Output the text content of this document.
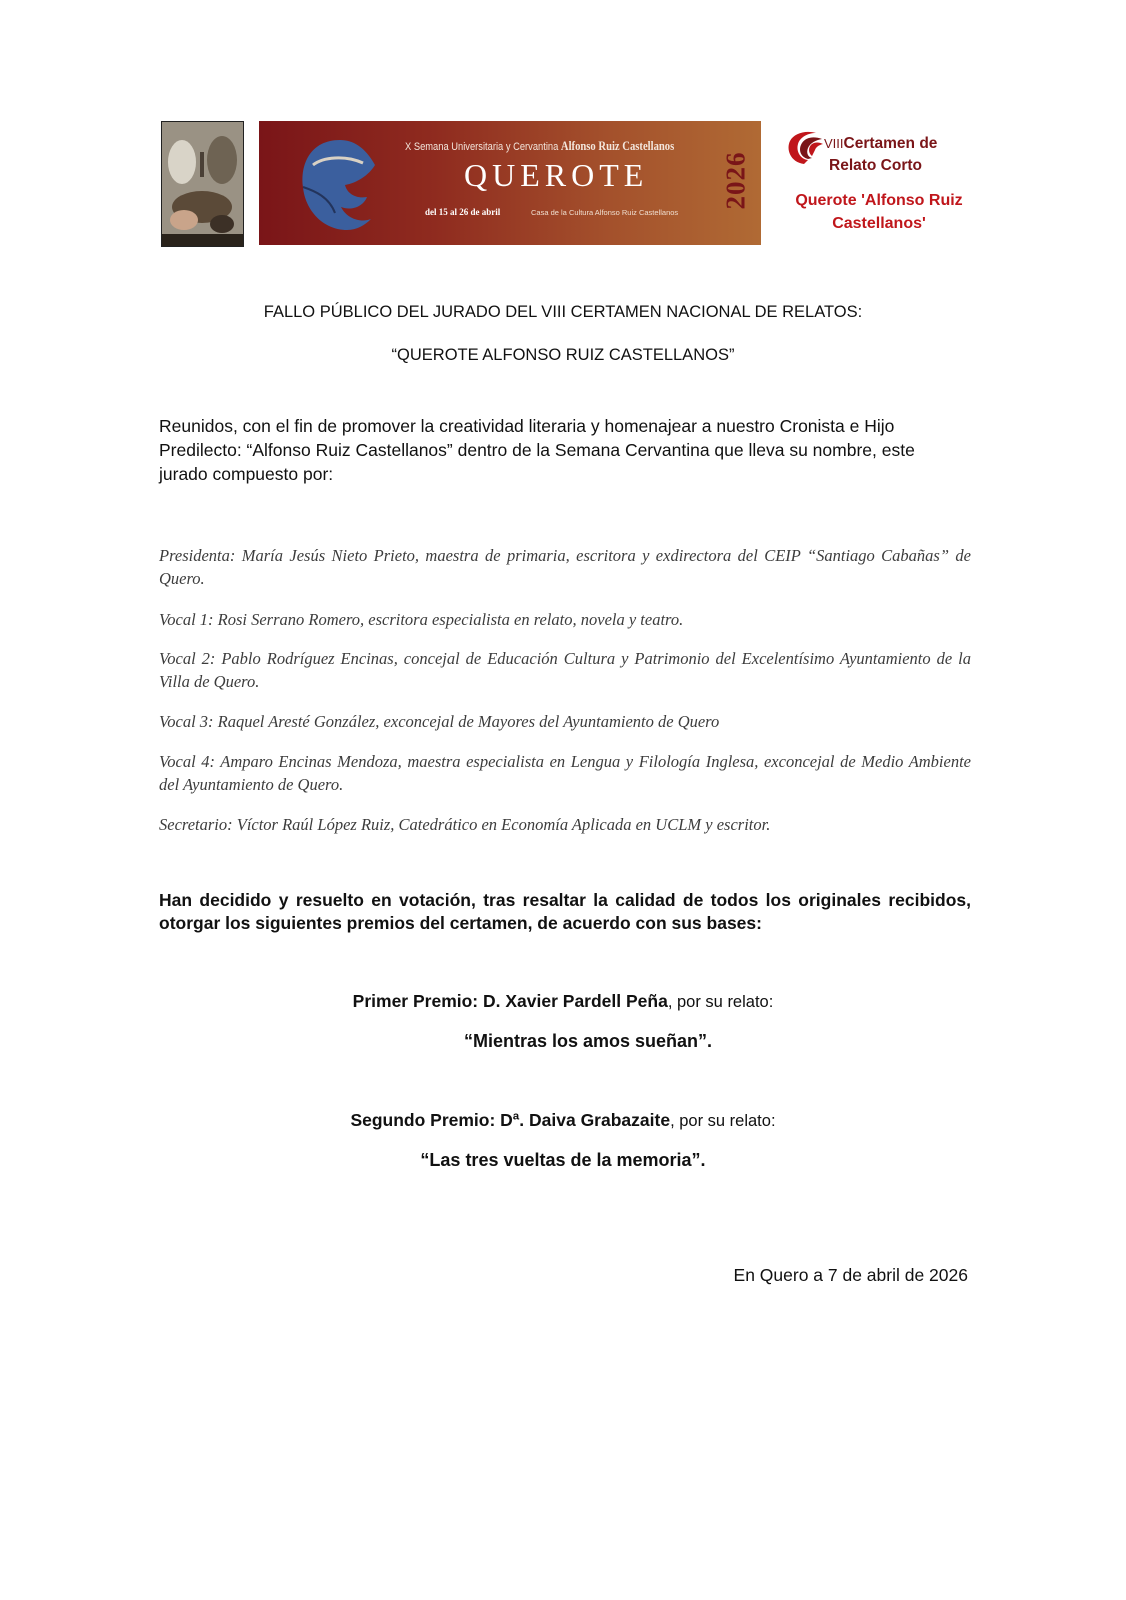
X Semana Universitaria y Cervantina Alfonso Ruiz Castellanos
QUEROTE
del 15 al 26 de abril	Casa de la Cultura Alfonso Ruiz Castellanos
2026
VIIICertamen de
Relato Corto
Querote 'Alfonso Ruiz Castellanos'
FALLO PÚBLICO DEL JURADO DEL VIII CERTAMEN NACIONAL DE RELATOS:
“QUEROTE ALFONSO RUIZ CASTELLANOS”
Reunidos, con el fin de promover la creatividad literaria y homenajear a nuestro Cronista e Hijo Predilecto: “Alfonso Ruiz Castellanos” dentro de la Semana Cervantina que lleva su nombre, este jurado compuesto por:
Presidenta: María Jesús Nieto Prieto, maestra de primaria, escritora y exdirectora del CEIP “Santiago Cabañas” de Quero.
Vocal 1: Rosi Serrano Romero, escritora especialista en relato, novela y teatro.
Vocal 2: Pablo Rodríguez Encinas, concejal de Educación Cultura y Patrimonio del Excelentísimo Ayuntamiento de la Villa de Quero.
Vocal 3: Raquel Aresté González, exconcejal de Mayores del Ayuntamiento de Quero
Vocal 4: Amparo Encinas Mendoza, maestra especialista en Lengua y Filología Inglesa, exconcejal de Medio Ambiente del Ayuntamiento de Quero.
Secretario: Víctor Raúl López Ruiz, Catedrático en Economía Aplicada en UCLM y escritor.
Han decidido y resuelto en votación, tras resaltar la calidad de todos los originales recibidos, otorgar los siguientes premios del certamen, de acuerdo con sus bases:
Primer Premio: D. Xavier Pardell Peña, por su relato:
“Mientras los amos sueñan”.
Segundo Premio: Dª. Daiva Grabazaite, por su relato:
“Las tres vueltas de la memoria”.
En Quero a 7 de abril de 2026
